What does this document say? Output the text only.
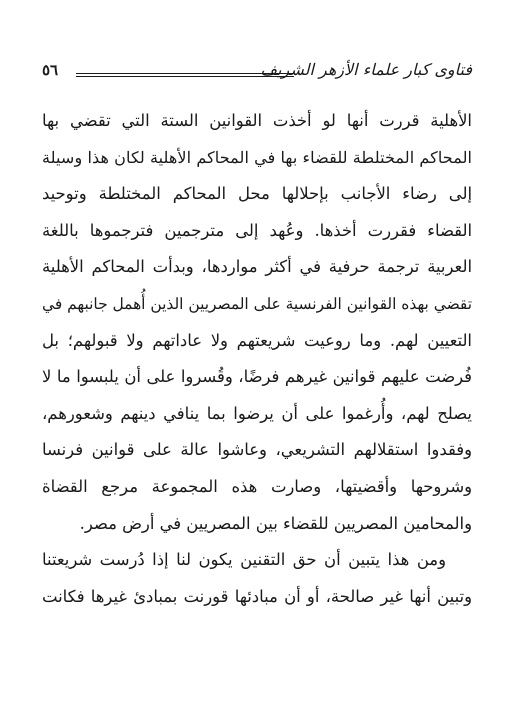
فتاوى كبار علماء الأزهر الشريف
٥٦
الأهلية قررت أنها لو أخذت القوانين الستة التي تقضي بها
المحاكم المختلطة للقضاء بها في المحاكم الأهلية لكان هذا وسيلة
إلى رضاء الأجانب بإحلالها محل المحاكم المختلطة وتوحيد
القضاء فقررت أخذها. وعُهد إلى مترجمين فترجموها باللغة
العربية ترجمة حرفية في أكثر مواردها، وبدأت المحاكم الأهلية
تقضي بهذه القوانين الفرنسية على المصريين الذين أُهمل جانبهم في
التعيين لهم. وما روعيت شريعتهم ولا عاداتهم ولا قبولهم؛ بل
فُرضت عليهم قوانين غيرهم فرضًا، وقُسروا على أن يلبسوا ما لا
يصلح لهم، وأُرغموا على أن يرضوا بما ينافي دينهم وشعورهم،
وفقدوا استقلالهم التشريعي، وعاشوا عالة على قوانين فرنسا
وشروحها وأقضيتها، وصارت هذه المجموعة مرجع القضاة
والمحامين المصريين للقضاء بين المصريين في أرض مصر.
ومن هذا يتبين أن حق التقنين يكون لنا إذا دُرست شريعتنا
وتبين أنها غير صالحة، أو أن مبادئها قورنت بمبادئ غيرها فكانت
